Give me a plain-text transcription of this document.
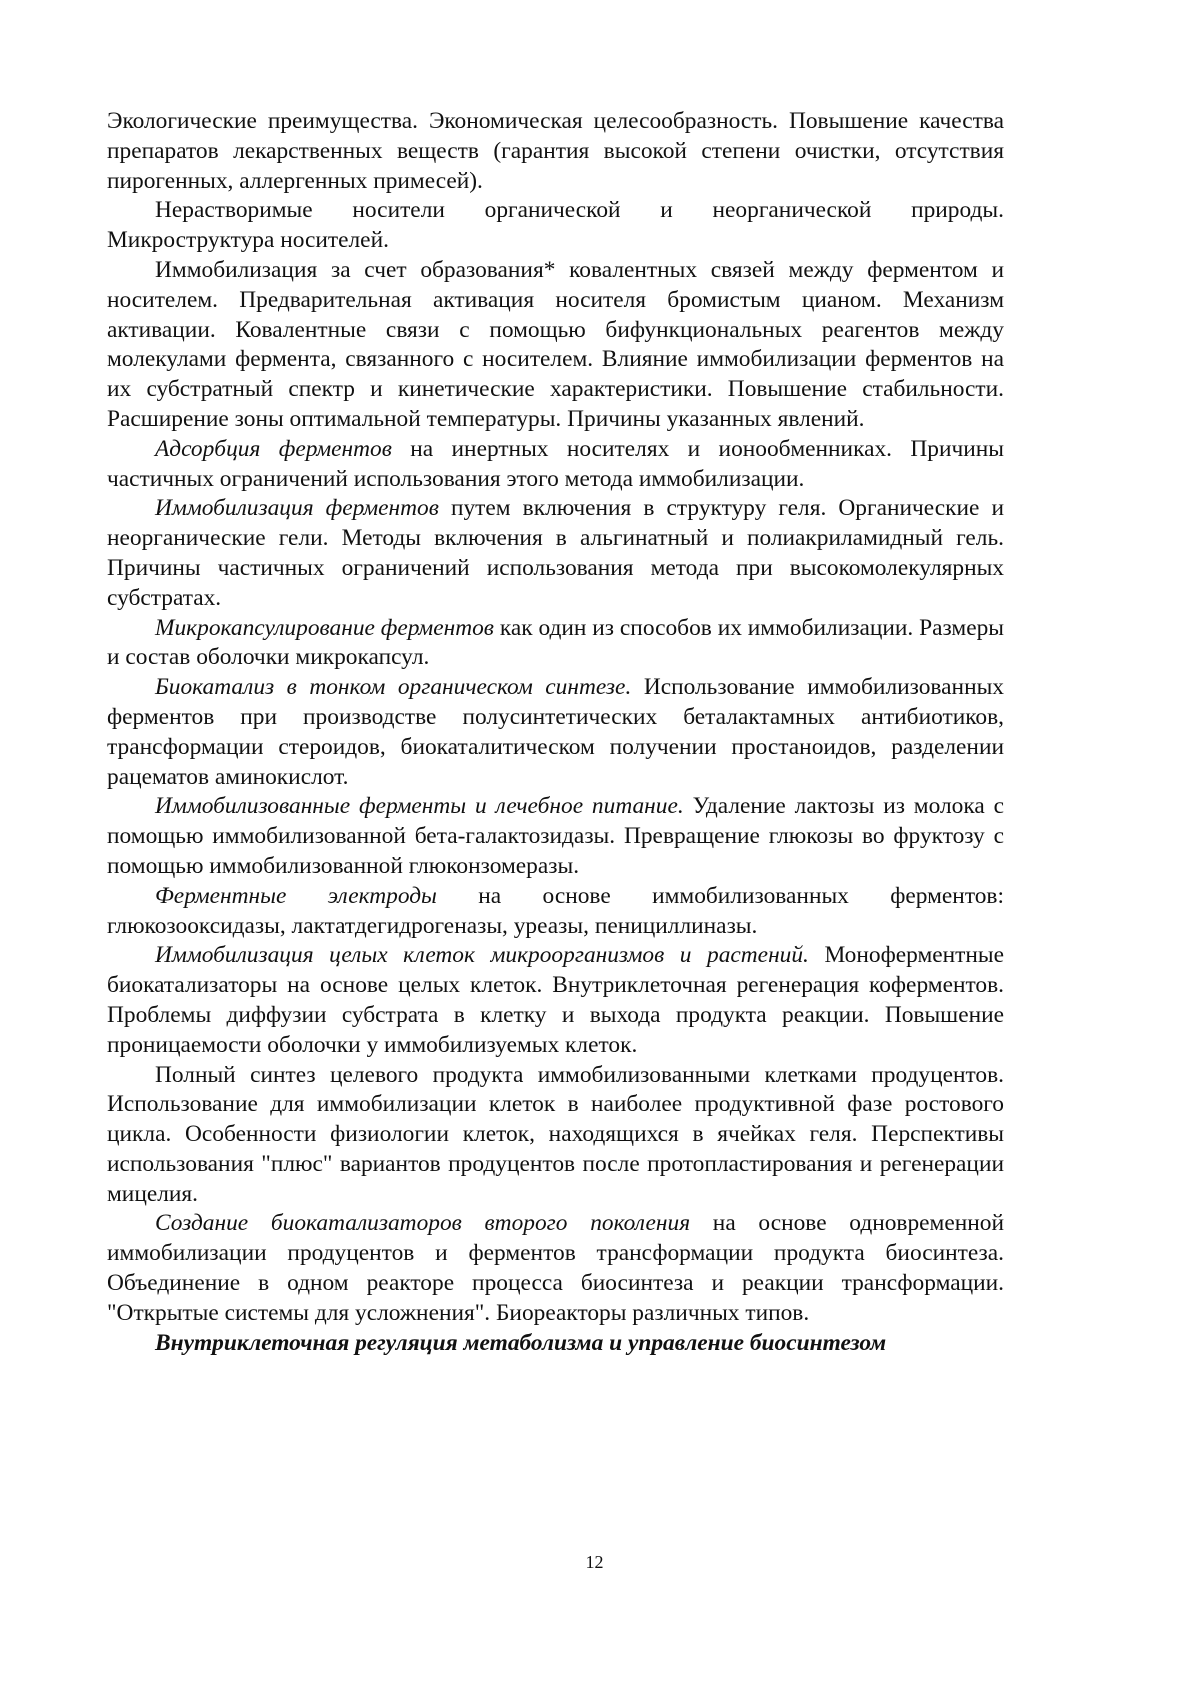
Экологические преимущества. Экономическая целесообразность. Повышение качества препаратов лекарственных веществ (гарантия высокой степени очистки, отсутствия пирогенных, аллергенных примесей).

Нерастворимые носители органической и неорганической природы. Микроструктура носителей.

Иммобилизация за счет образования* ковалентных связей между ферментом и носителем. Предварительная активация носителя бромистым цианом. Механизм активации. Ковалентные связи с помощью бифункциональных реагентов между молекулами фермента, связанного с носителем. Влияние иммобилизации ферментов на их субстратный спектр и кинетические характеристики. Повышение стабильности. Расширение зоны оптимальной температуры. Причины указанных явлений.

Адсорбция ферментов на инертных носителях и ионообменниках. Причины частичных ограничений использования этого метода иммобилизации.

Иммобилизация ферментов путем включения в структуру геля. Органические и неорганические гели. Методы включения в альгинатный и полиакриламидный гель. Причины частичных ограничений использования метода при высокомолекулярных субстратах.

Микрокапсулирование ферментов как один из способов их иммобилизации. Размеры и состав оболочки микрокапсул.

Биокатализ в тонком органическом синтезе. Использование иммобилизованных ферментов при производстве полусинтетических беталактамных антибиотиков, трансформации стероидов, биокаталитическом получении простаноидов, разделении рацематов аминокислот.

Иммобилизованные ферменты и лечебное питание. Удаление лактозы из молока с помощью иммобилизованной бета-галактозидазы. Превращение глюкозы во фруктозу с помощью иммобилизованной глюконзомеразы.

Ферментные электроды на основе иммобилизованных ферментов: глюкозооксидазы, лактатдегидрогеназы, уреазы, пенициллиназы.

Иммобилизация целых клеток микроорганизмов и растений. Моноферментные биокатализаторы на основе целых клеток. Внутриклеточная регенерация коферментов. Проблемы диффузии субстрата в клетку и выхода продукта реакции. Повышение проницаемости оболочки у иммобилизуемых клеток.

Полный синтез целевого продукта иммобилизованными клетками продуцентов. Использование для иммобилизации клеток в наиболее продуктивной фазе ростового цикла. Особенности физиологии клеток, находящихся в ячейках геля. Перспективы использования "плюс" вариантов продуцентов после протопластирования и регенерации мицелия.

Создание биокатализаторов второго поколения на основе одновременной иммобилизации продуцентов и ферментов трансформации продукта биосинтеза. Объединение в одном реакторе процесса биосинтеза и реакции трансформации. "Открытые системы для усложнения". Биореакторы различных типов.

Внутриклеточная регуляция метаболизма и управление биосинтезом

12
